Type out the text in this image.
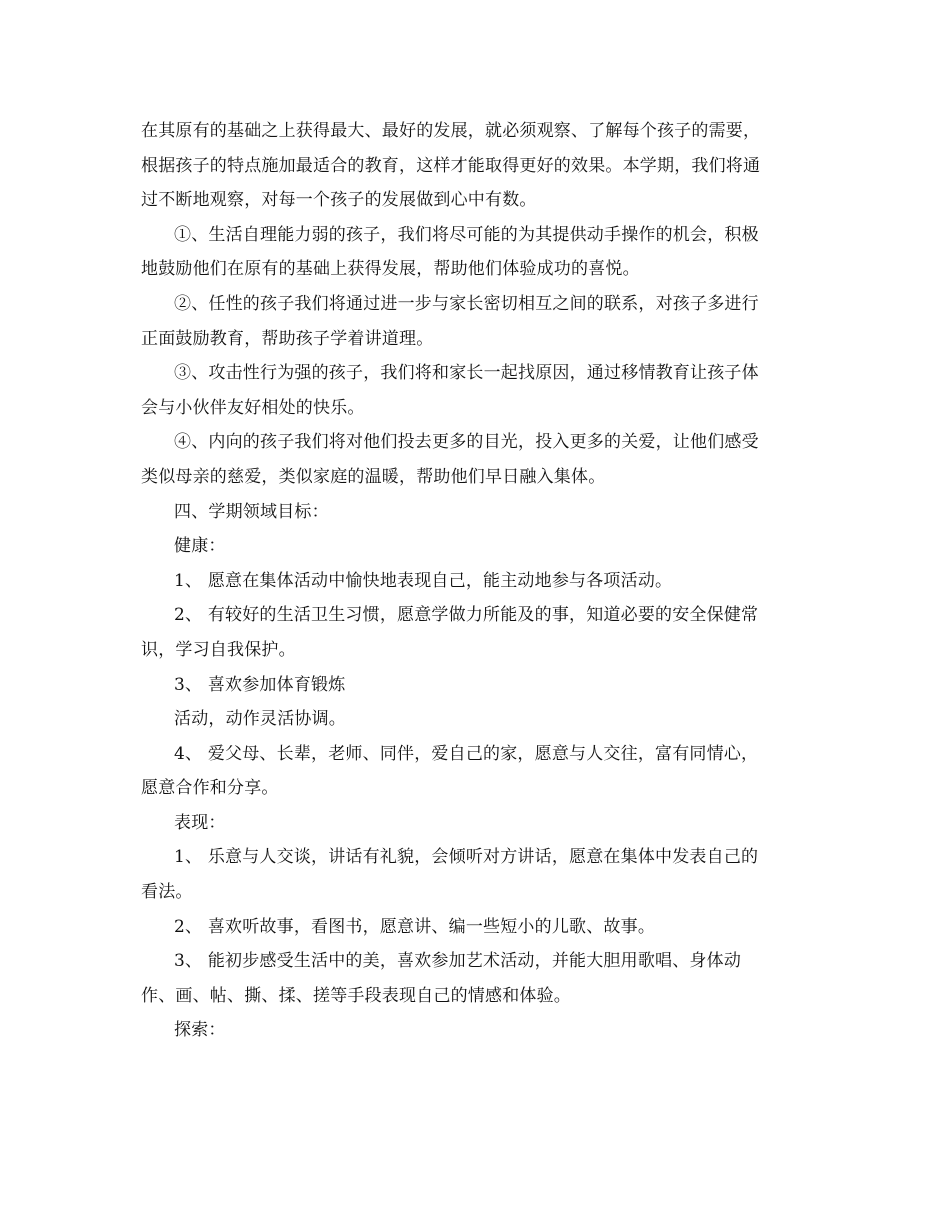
在其原有的基础之上获得最大、最好的发展，就必须观察、了解每个孩子的需要，
根据孩子的特点施加最适合的教育，这样才能取得更好的效果。本学期，我们将通
过不断地观察，对每一个孩子的发展做到心中有数。

①、生活自理能力弱的孩子，我们将尽可能的为其提供动手操作的机会，积极
地鼓励他们在原有的基础上获得发展，帮助他们体验成功的喜悦。

②、任性的孩子我们将通过进一步与家长密切相互之间的联系，对孩子多进行
正面鼓励教育，帮助孩子学着讲道理。

③、攻击性行为强的孩子，我们将和家长一起找原因，通过移情教育让孩子体
会与小伙伴友好相处的快乐。

④、内向的孩子我们将对他们投去更多的目光，投入更多的关爱，让他们感受
类似母亲的慈爱，类似家庭的温暖，帮助他们早日融入集体。

四、学期领域目标：

健康：

1、 愿意在集体活动中愉快地表现自己，能主动地参与各项活动。

2、 有较好的生活卫生习惯，愿意学做力所能及的事，知道必要的安全保健常
识，学习自我保护。

3、 喜欢参加体育锻炼

活动，动作灵活协调。

4、 爱父母、长辈，老师、同伴，爱自己的家，愿意与人交往，富有同情心，
愿意合作和分享。

表现：

1、 乐意与人交谈，讲话有礼貌，会倾听对方讲话，愿意在集体中发表自己的
看法。

2、 喜欢听故事，看图书，愿意讲、编一些短小的儿歌、故事。

3、 能初步感受生活中的美，喜欢参加艺术活动，并能大胆用歌唱、身体动
作、画、帖、撕、揉、搓等手段表现自己的情感和体验。

探索：
